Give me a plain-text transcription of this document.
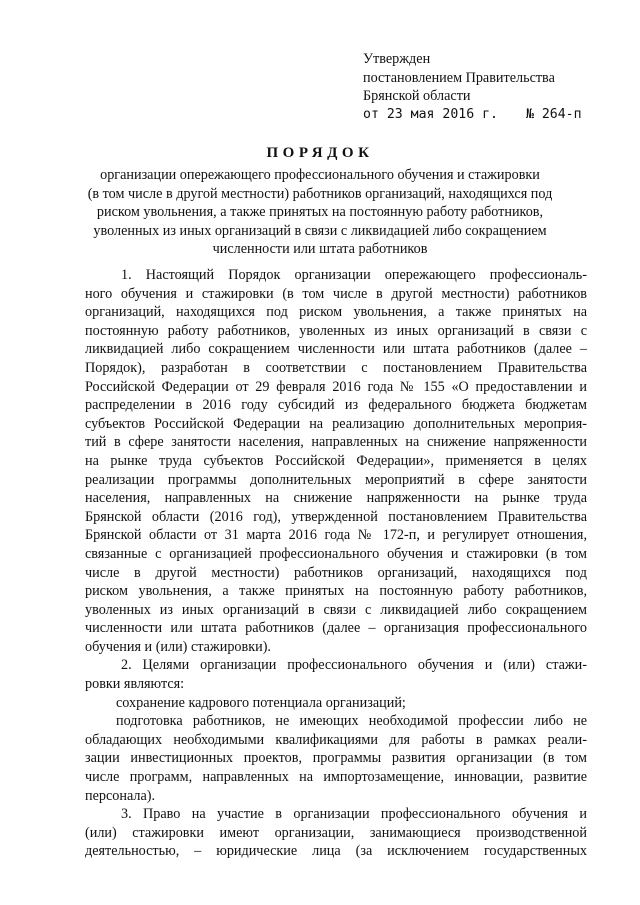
Утвержден
постановлением Правительства
Брянской области
от 23 мая 2016 г. № 264-п
ПОРЯДОК
организации опережающего профессионального обучения и стажировки
(в том числе в другой местности) работников организаций, находящихся под
риском увольнения, а также принятых на постоянную работу работников,
уволенных из иных организаций в связи с ликвидацией либо сокращением
численности или штата работников
1. Настоящий Порядок организации опережающего профессиональ-
ного обучения и стажировки (в том числе в другой местности) работников
организаций, находящихся под риском увольнения, а также принятых на
постоянную работу работников, уволенных из иных организаций в связи с
ликвидацией либо сокращением численности или штата работников (далее –
Порядок), разработан в соответствии с постановлением Правительства
Российской Федерации от 29 февраля 2016 года № 155 «О предоставлении и
распределении в 2016 году субсидий из федерального бюджета бюджетам
субъектов Российской Федерации на реализацию дополнительных мероприя-
тий в сфере занятости населения, направленных на снижение напряженности
на рынке труда субъектов Российской Федерации», применяется в целях
реализации программы дополнительных мероприятий в сфере занятости
населения, направленных на снижение напряженности на рынке труда
Брянской области (2016 год), утвержденной постановлением Правительства
Брянской области от 31 марта 2016 года № 172-п, и регулирует отношения,
связанные с организацией профессионального обучения и стажировки (в том
числе в другой местности) работников организаций, находящихся под
риском увольнения, а также принятых на постоянную работу работников,
уволенных из иных организаций в связи с ликвидацией либо сокращением
численности или штата работников (далее – организация профессионального
обучения и (или) стажировки).
2. Целями организации профессионального обучения и (или) стажи-
ровки являются:
сохранение кадрового потенциала организаций;
подготовка работников, не имеющих необходимой профессии либо не
обладающих необходимыми квалификациями для работы в рамках реали-
зации инвестиционных проектов, программы развития организации (в том
числе программ, направленных на импортозамещение, инновации, развитие
персонала).
3. Право на участие в организации профессионального обучения и
(или) стажировки имеют организации, занимающиеся производственной
деятельностью, – юридические лица (за исключением государственных
